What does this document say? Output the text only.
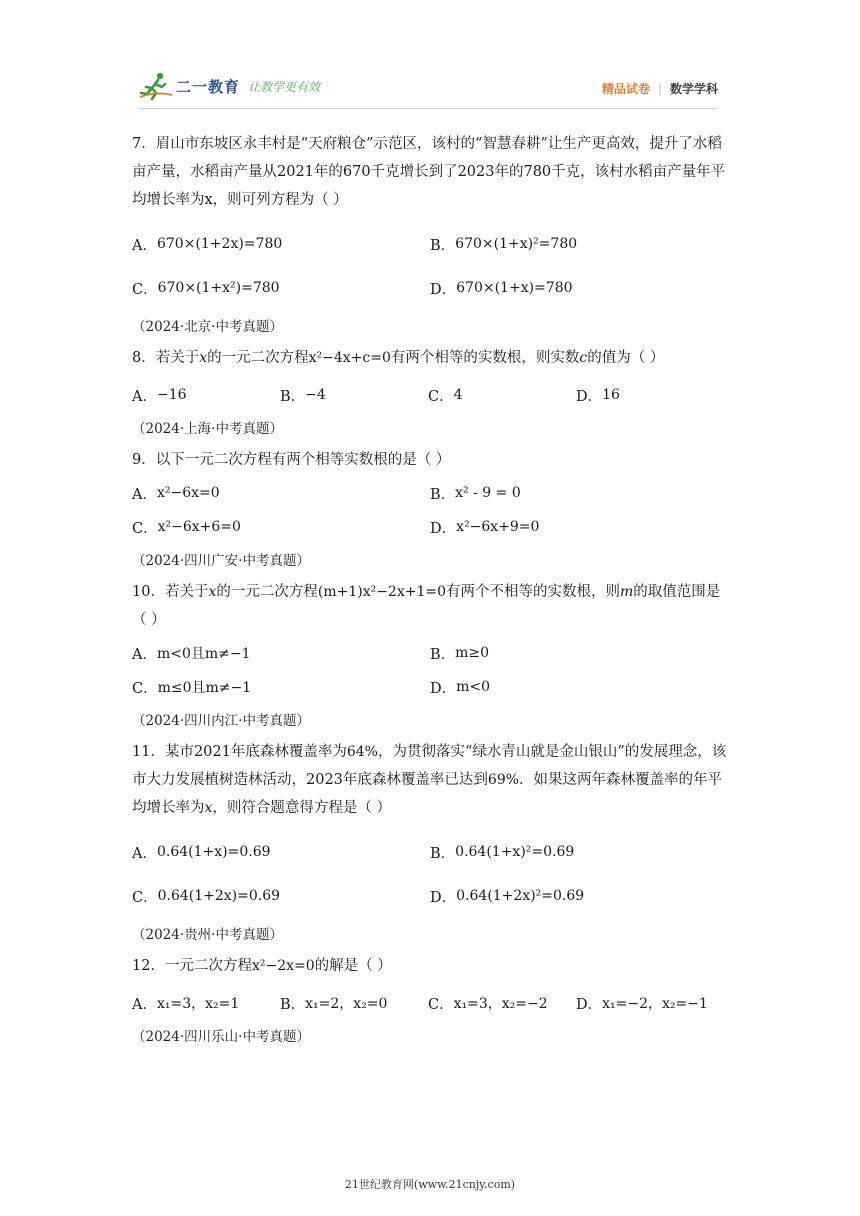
二一教育 让教学更有效	精品试卷 | 数学学科

7．眉山市东坡区永丰村是“天府粮仓”示范区，该村的“智慧春耕”让生产更高效，提升了水稻亩产量，水稻亩产量从2021年的670千克增长到了2023年的780千克，该村水稻亩产量年平均增长率为x，则可列方程为（ ）

A． 670×(1+2x)=780	B． 670×(1+x)²=780
C． 670×(1+x²)=780	D． 670×(1+x)=780
（2024·北京·中考真题）

8．若关于x的一元二次方程x²−4x+c=0有两个相等的实数根，则实数c的值为（ ）

A． −16	B． −4	C． 4	D． 16
（2024·上海·中考真题）

9．以下一元二次方程有两个相等实数根的是（ ）

A． x²−6x=0	B． x² - 9 = 0
C． x²−6x+6=0	D． x²−6x+9=0
（2024·四川广安·中考真题）

10．若关于x的一元二次方程(m+1)x²−2x+1=0有两个不相等的实数根，则m的取值范围是（ ）

A． m<0且m≠−1	B． m≥0
C． m≤0且m≠−1	D． m<0
（2024·四川内江·中考真题）

11．某市2021年底森林覆盖率为64%，为贯彻落实“绿水青山就是金山银山”的发展理念，该市大力发展植树造林活动，2023年底森林覆盖率已达到69%．如果这两年森林覆盖率的年平均增长率为x，则符合题意得方程是（ ）

A． 0.64(1+x)=0.69	B． 0.64(1+x)²=0.69
C． 0.64(1+2x)=0.69	D． 0.64(1+2x)²=0.69
（2024·贵州·中考真题）

12．一元二次方程x²−2x=0的解是（ ）

A． x₁=3，x₂=1	B． x₁=2，x₂=0	C． x₁=3，x₂=−2 D． x₁=−2，x₂=−1
（2024·四川乐山·中考真题）
21世纪教育网(www.21cnjy.com)
